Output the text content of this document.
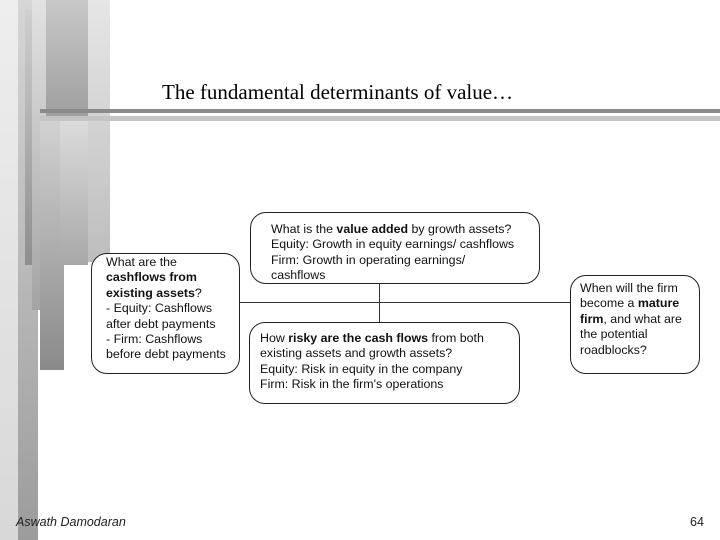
The fundamental determinants of value…

What is the value added by growth assets?

Equity: Growth in equity earnings/ cashflows

Firm: Growth in operating earnings/

cashflows

What are the

cashflows from

existing assets?

- Equity: Cashflows

after debt payments

- Firm: Cashflows

before debt payments

How risky are the cash flows from both

existing assets and growth assets?

Equity: Risk in equity in the company

Firm: Risk in the firm's operations

When will the firm

become a mature

firm, and what are

the potential

roadblocks?

Aswath Damodaran	64
